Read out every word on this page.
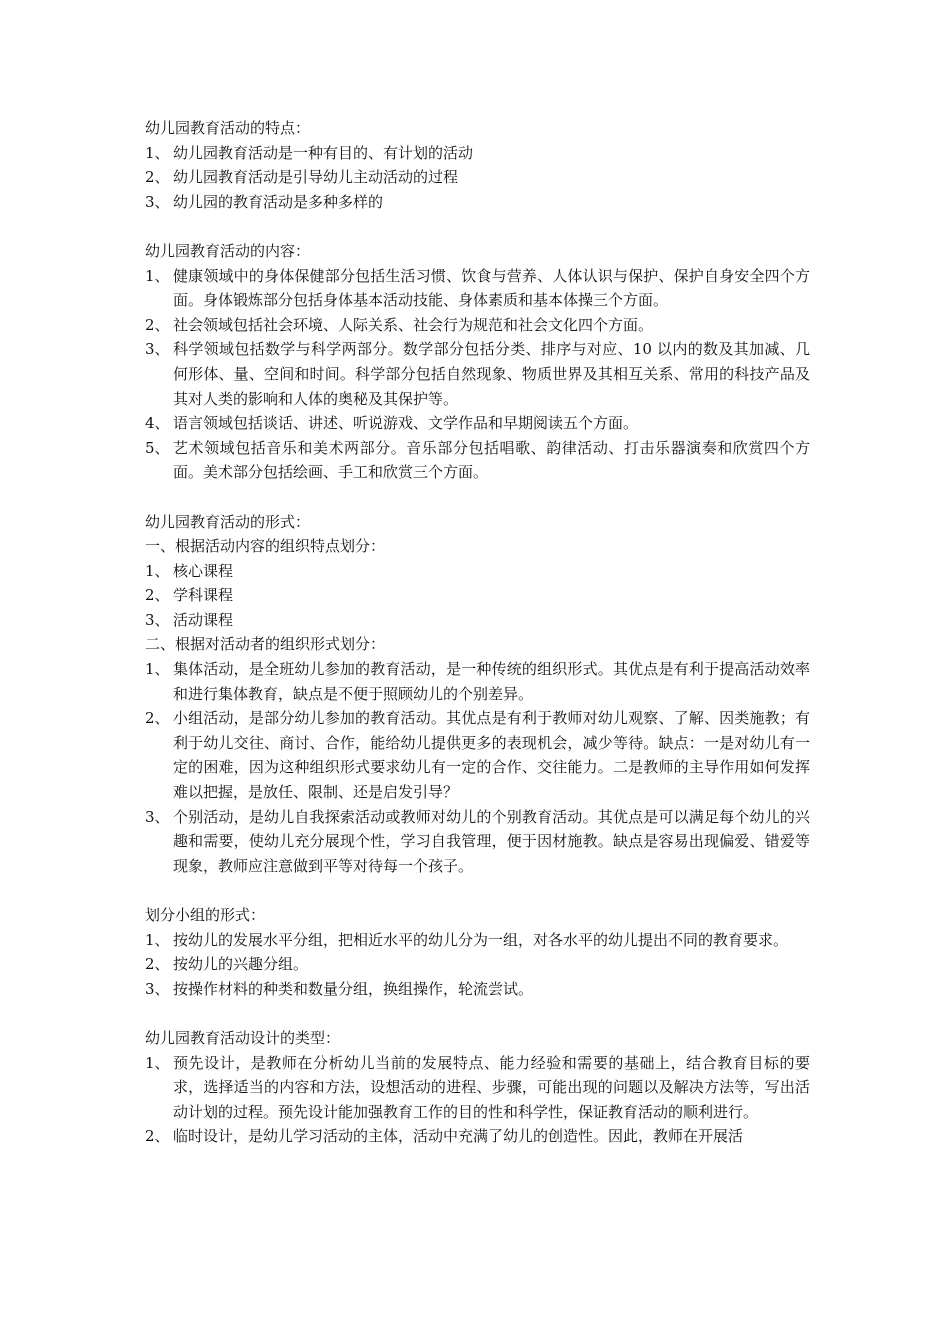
幼儿园教育活动的特点：

1、 幼儿园教育活动是一种有目的、有计划的活动
2、 幼儿园教育活动是引导幼儿主动活动的过程
3、 幼儿园的教育活动是多种多样的

幼儿园教育活动的内容：

1、 健康领域中的身体保健部分包括生活习惯、饮食与营养、人体认识与保护、保护自身安全四个方面。身体锻炼部分包括身体基本活动技能、身体素质和基本体操三个方面。
2、 社会领域包括社会环境、人际关系、社会行为规范和社会文化四个方面。
3、 科学领域包括数学与科学两部分。数学部分包括分类、排序与对应、10 以内的数及其加减、几何形体、量、空间和时间。科学部分包括自然现象、物质世界及其相互关系、常用的科技产品及其对人类的影响和人体的奥秘及其保护等。
4、 语言领域包括谈话、讲述、听说游戏、文学作品和早期阅读五个方面。
5、 艺术领域包括音乐和美术两部分。音乐部分包括唱歌、韵律活动、打击乐器演奏和欣赏四个方面。美术部分包括绘画、手工和欣赏三个方面。

幼儿园教育活动的形式：

一、根据活动内容的组织特点划分：

1、 核心课程
2、 学科课程
3、 活动课程

二、根据对活动者的组织形式划分：

1、 集体活动，是全班幼儿参加的教育活动，是一种传统的组织形式。其优点是有利于提高活动效率和进行集体教育，缺点是不便于照顾幼儿的个别差异。
2、 小组活动，是部分幼儿参加的教育活动。其优点是有利于教师对幼儿观察、了解、因类施教；有利于幼儿交往、商讨、合作，能给幼儿提供更多的表现机会，减少等待。缺点：一是对幼儿有一定的困难，因为这种组织形式要求幼儿有一定的合作、交往能力。二是教师的主导作用如何发挥难以把握，是放任、限制、还是启发引导？
3、 个别活动，是幼儿自我探索活动或教师对幼儿的个别教育活动。其优点是可以满足每个幼儿的兴趣和需要，使幼儿充分展现个性，学习自我管理，便于因材施教。缺点是容易出现偏爱、错爱等现象，教师应注意做到平等对待每一个孩子。

划分小组的形式：

1、 按幼儿的发展水平分组，把相近水平的幼儿分为一组，对各水平的幼儿提出不同的教育要求。
2、 按幼儿的兴趣分组。
3、 按操作材料的种类和数量分组，换组操作，轮流尝试。

幼儿园教育活动设计的类型：

1、 预先设计，是教师在分析幼儿当前的发展特点、能力经验和需要的基础上，结合教育目标的要求，选择适当的内容和方法，设想活动的进程、步骤，可能出现的问题以及解决方法等，写出活动计划的过程。预先设计能加强教育工作的目的性和科学性，保证教育活动的顺利进行。
2、 临时设计，是幼儿学习活动的主体，活动中充满了幼儿的创造性。因此，教师在开展活
